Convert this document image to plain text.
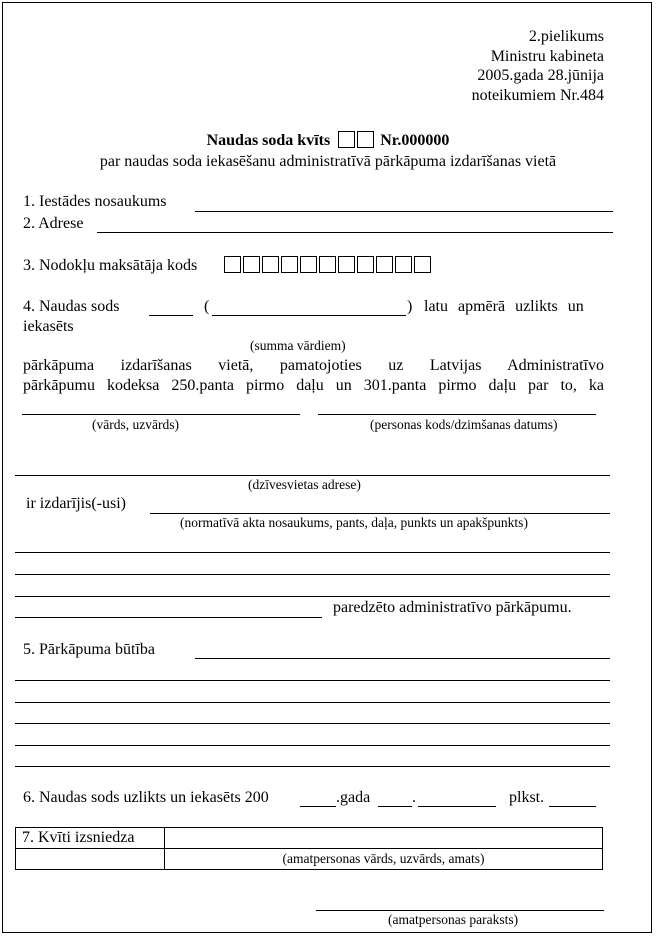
2.pielikums
Ministru kabineta
2005.gada 28.jūnija
noteikumiem Nr.484
Naudas soda kvīts	Nr.000000
par naudas soda iekasēšanu administratīvā pārkāpuma izdarīšanas vietā
1. Iestādes nosaukums
2. Adrese
3. Nodokļu maksātāja kods
4. Naudas sods	(	) latu apmērā uzlikts un
iekasēts
(summa vārdiem)
pārkāpuma izdarīšanas vietā, pamatojoties uz Latvijas Administratīvo
pārkāpumu kodeksa 250.panta pirmo daļu un 301.panta pirmo daļu par to, ka
(vārds, uzvārds)	(personas kods/dzimšanas datums)
(dzīvesvietas adrese)
ir izdarījis(-usi)
(normatīvā akta nosaukums, pants, daļa, punkts un apakšpunkts)
paredzēto administratīvo pārkāpumu.
5. Pārkāpuma būtība
6. Naudas sods uzlikts un iekasēts 200	.gada	.	plkst.
7. Kvīti izsniedza	
	(amatpersonas vārds, uzvārds, amats)
(amatpersonas paraksts)
